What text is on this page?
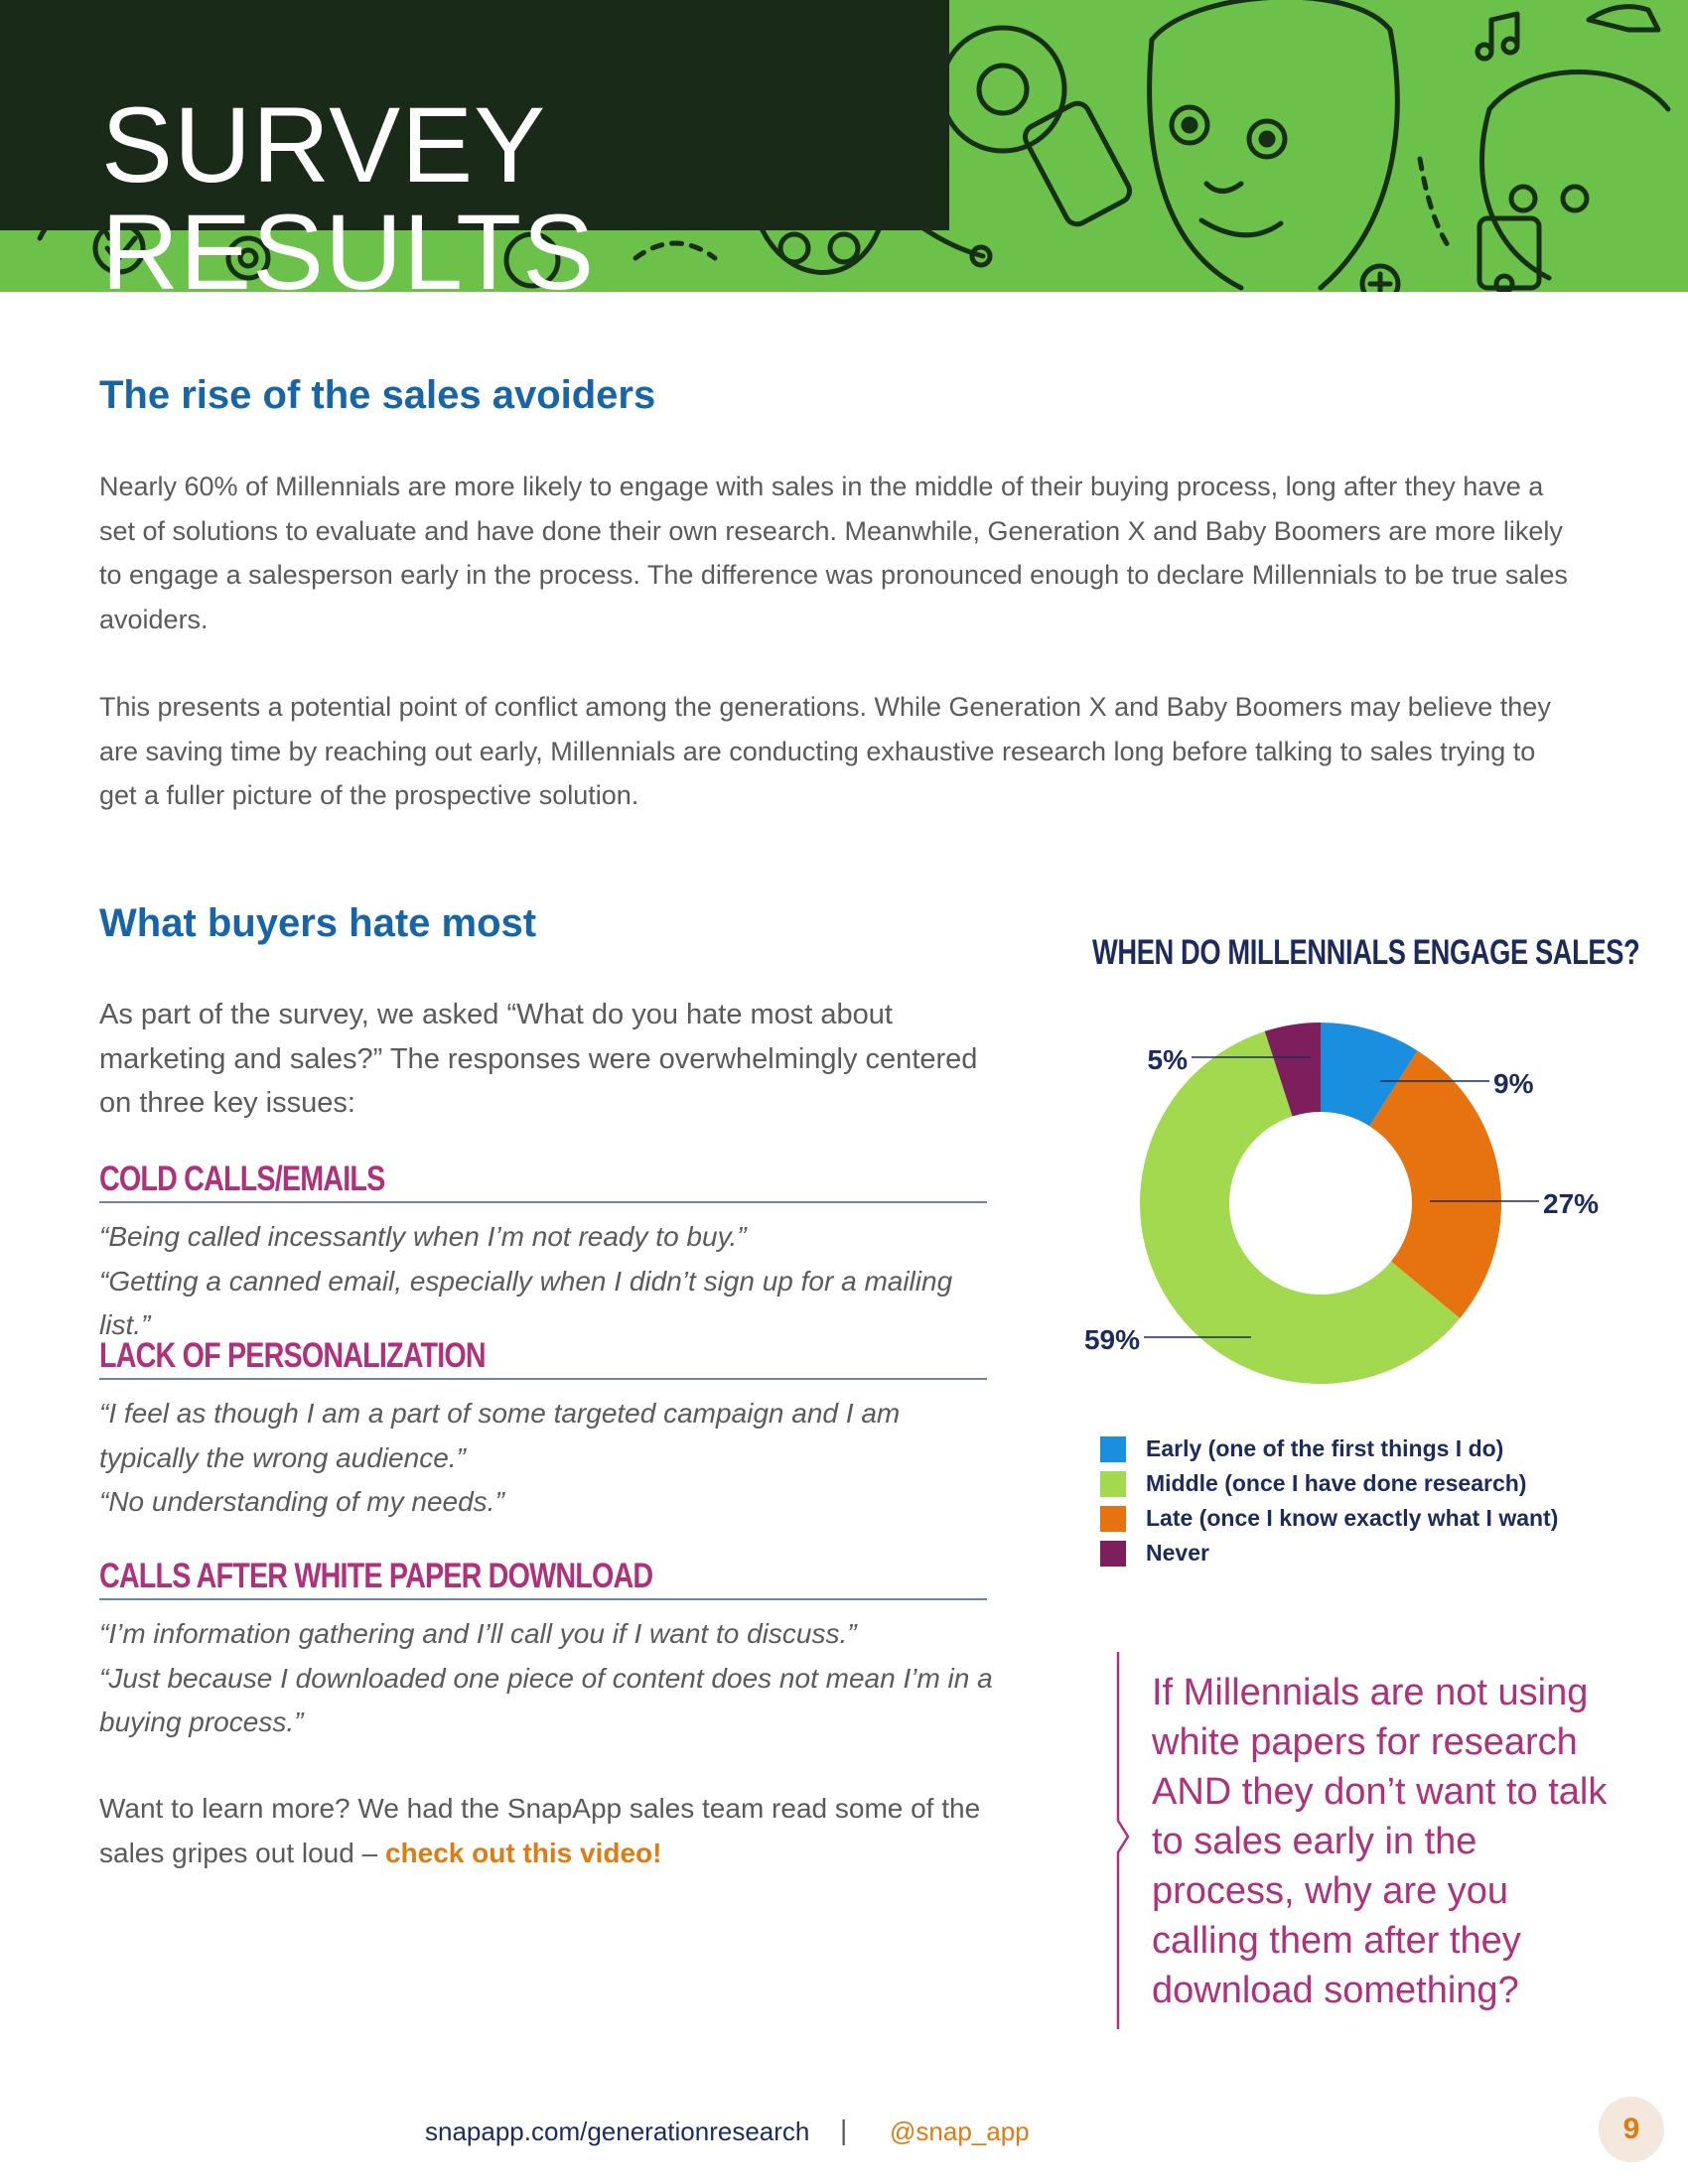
SURVEY RESULTS
The rise of the sales avoiders

Nearly 60% of Millennials are more likely to engage with sales in the middle of their buying process, long after they have a set of solutions to evaluate and have done their own research. Meanwhile, Generation X and Baby Boomers are more likely to engage a salesperson early in the process. The difference was pronounced enough to declare Millennials to be true sales avoiders.

This presents a potential point of conflict among the generations. While Generation X and Baby Boomers may believe they are saving time by reaching out early, Millennials are conducting exhaustive research long before talking to sales trying to get a fuller picture of the prospective solution.

What buyers hate most

As part of the survey, we asked “What do you hate most about marketing and sales?” The responses were overwhelmingly centered on three key issues:

COLD CALLS/EMAILS

“Being called incessantly when I’m not ready to buy.”
“Getting a canned email, especially when I didn’t sign up for a mailing list.”

LACK OF PERSONALIZATION

“I feel as though I am a part of some targeted campaign and I am typically the wrong audience.”
“No understanding of my needs.”

CALLS AFTER WHITE PAPER DOWNLOAD

“I’m information gathering and I’ll call you if I want to discuss.”
“Just because I downloaded one piece of content does not mean I’m in a buying process.”

Want to learn more? We had the SnapApp sales team read some of the sales gripes out loud – check out this video!

WHEN DO MILLENNIALS ENGAGE SALES?
9%
27%
59%
5%
Early (one of the first things I do)
Middle (once I have done research)
Late (once I know exactly what I want)
Never

If Millennials are not using white papers for research AND they don’t want to talk to sales early in the process, why are you calling them after they download something?

snapapp.com/generationresearch | @snap_app	9
